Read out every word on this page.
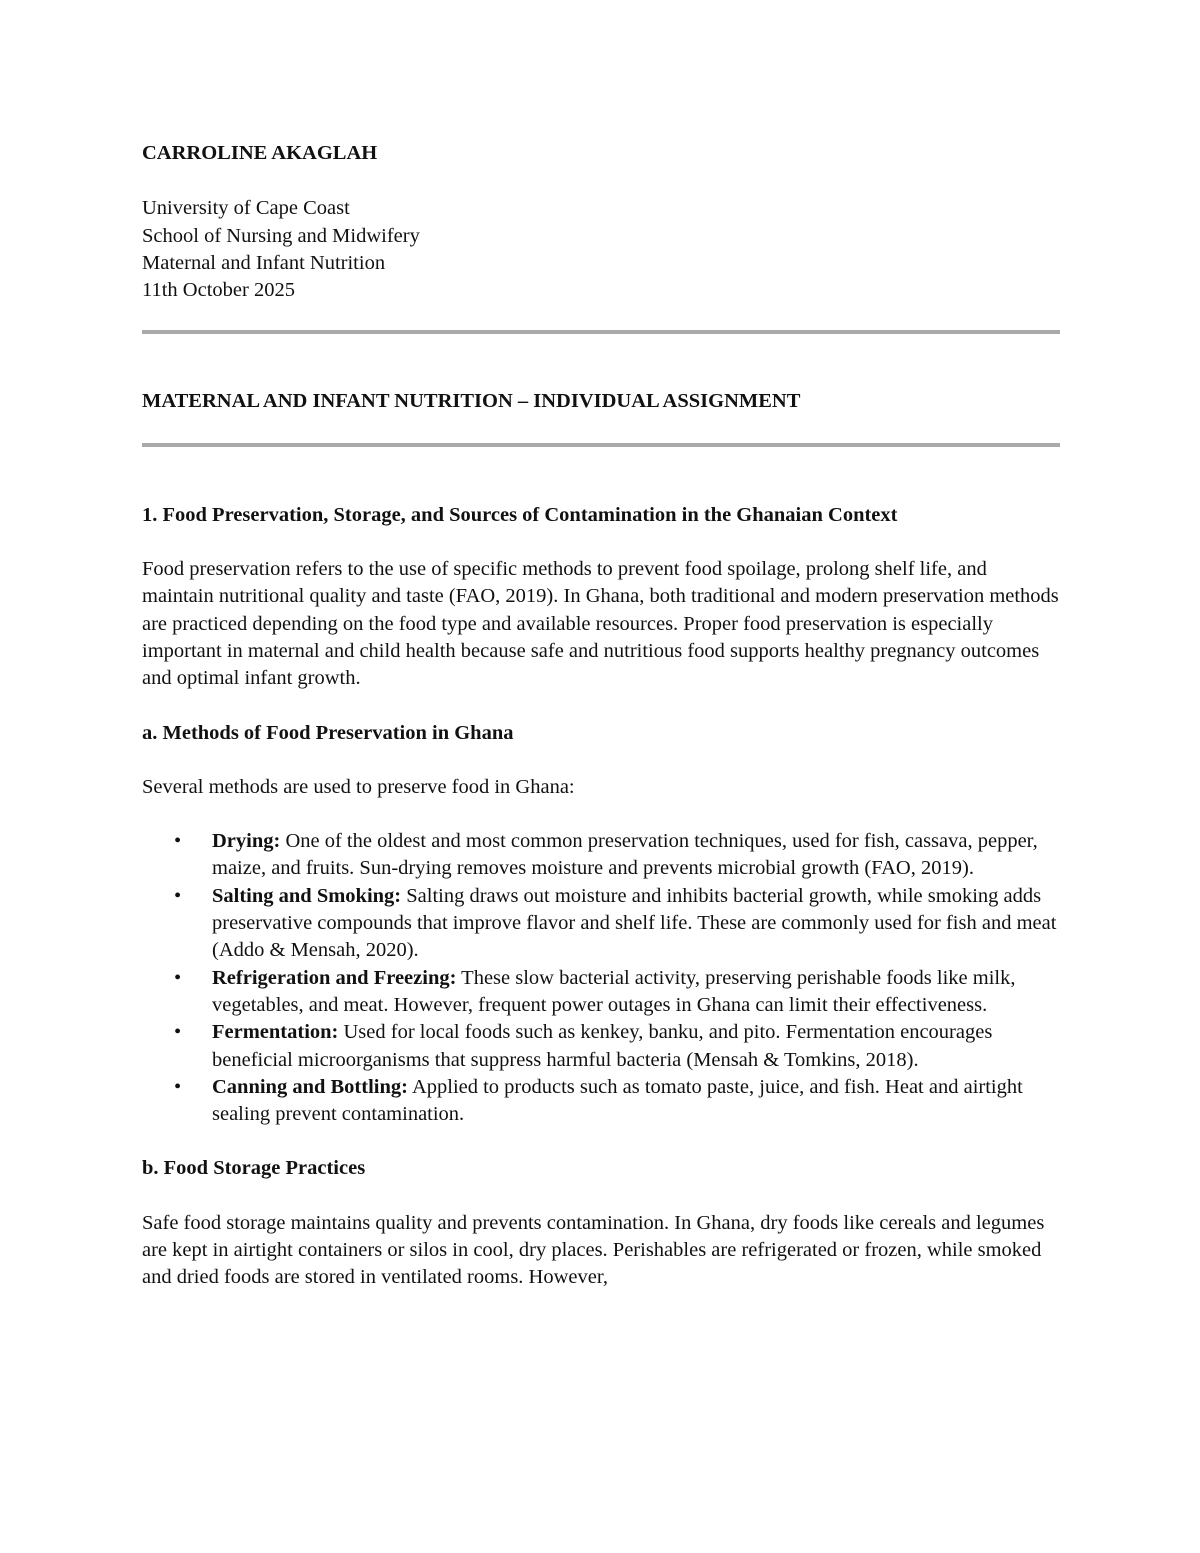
CARROLINE AKAGLAH
University of Cape Coast
School of Nursing and Midwifery
Maternal and Infant Nutrition
11th October 2025
MATERNAL AND INFANT NUTRITION – INDIVIDUAL ASSIGNMENT
1. Food Preservation, Storage, and Sources of Contamination in the Ghanaian Context

Food preservation refers to the use of specific methods to prevent food spoilage, prolong shelf life, and maintain nutritional quality and taste (FAO, 2019). In Ghana, both traditional and modern preservation methods are practiced depending on the food type and available resources. Proper food preservation is especially important in maternal and child health because safe and nutritious food supports healthy pregnancy outcomes and optimal infant growth.

a. Methods of Food Preservation in Ghana

Several methods are used to preserve food in Ghana:

• Drying: One of the oldest and most common preservation techniques, used for fish, cassava, pepper, maize, and fruits. Sun-drying removes moisture and prevents microbial growth (FAO, 2019).
• Salting and Smoking: Salting draws out moisture and inhibits bacterial growth, while smoking adds preservative compounds that improve flavor and shelf life. These are commonly used for fish and meat (Addo & Mensah, 2020).
• Refrigeration and Freezing: These slow bacterial activity, preserving perishable foods like milk, vegetables, and meat. However, frequent power outages in Ghana can limit their effectiveness.
• Fermentation: Used for local foods such as kenkey, banku, and pito. Fermentation encourages beneficial microorganisms that suppress harmful bacteria (Mensah & Tomkins, 2018).
• Canning and Bottling: Applied to products such as tomato paste, juice, and fish. Heat and airtight sealing prevent contamination.
b. Food Storage Practices

Safe food storage maintains quality and prevents contamination. In Ghana, dry foods like cereals and legumes are kept in airtight containers or silos in cool, dry places. Perishables are refrigerated or frozen, while smoked and dried foods are stored in ventilated rooms. However,
